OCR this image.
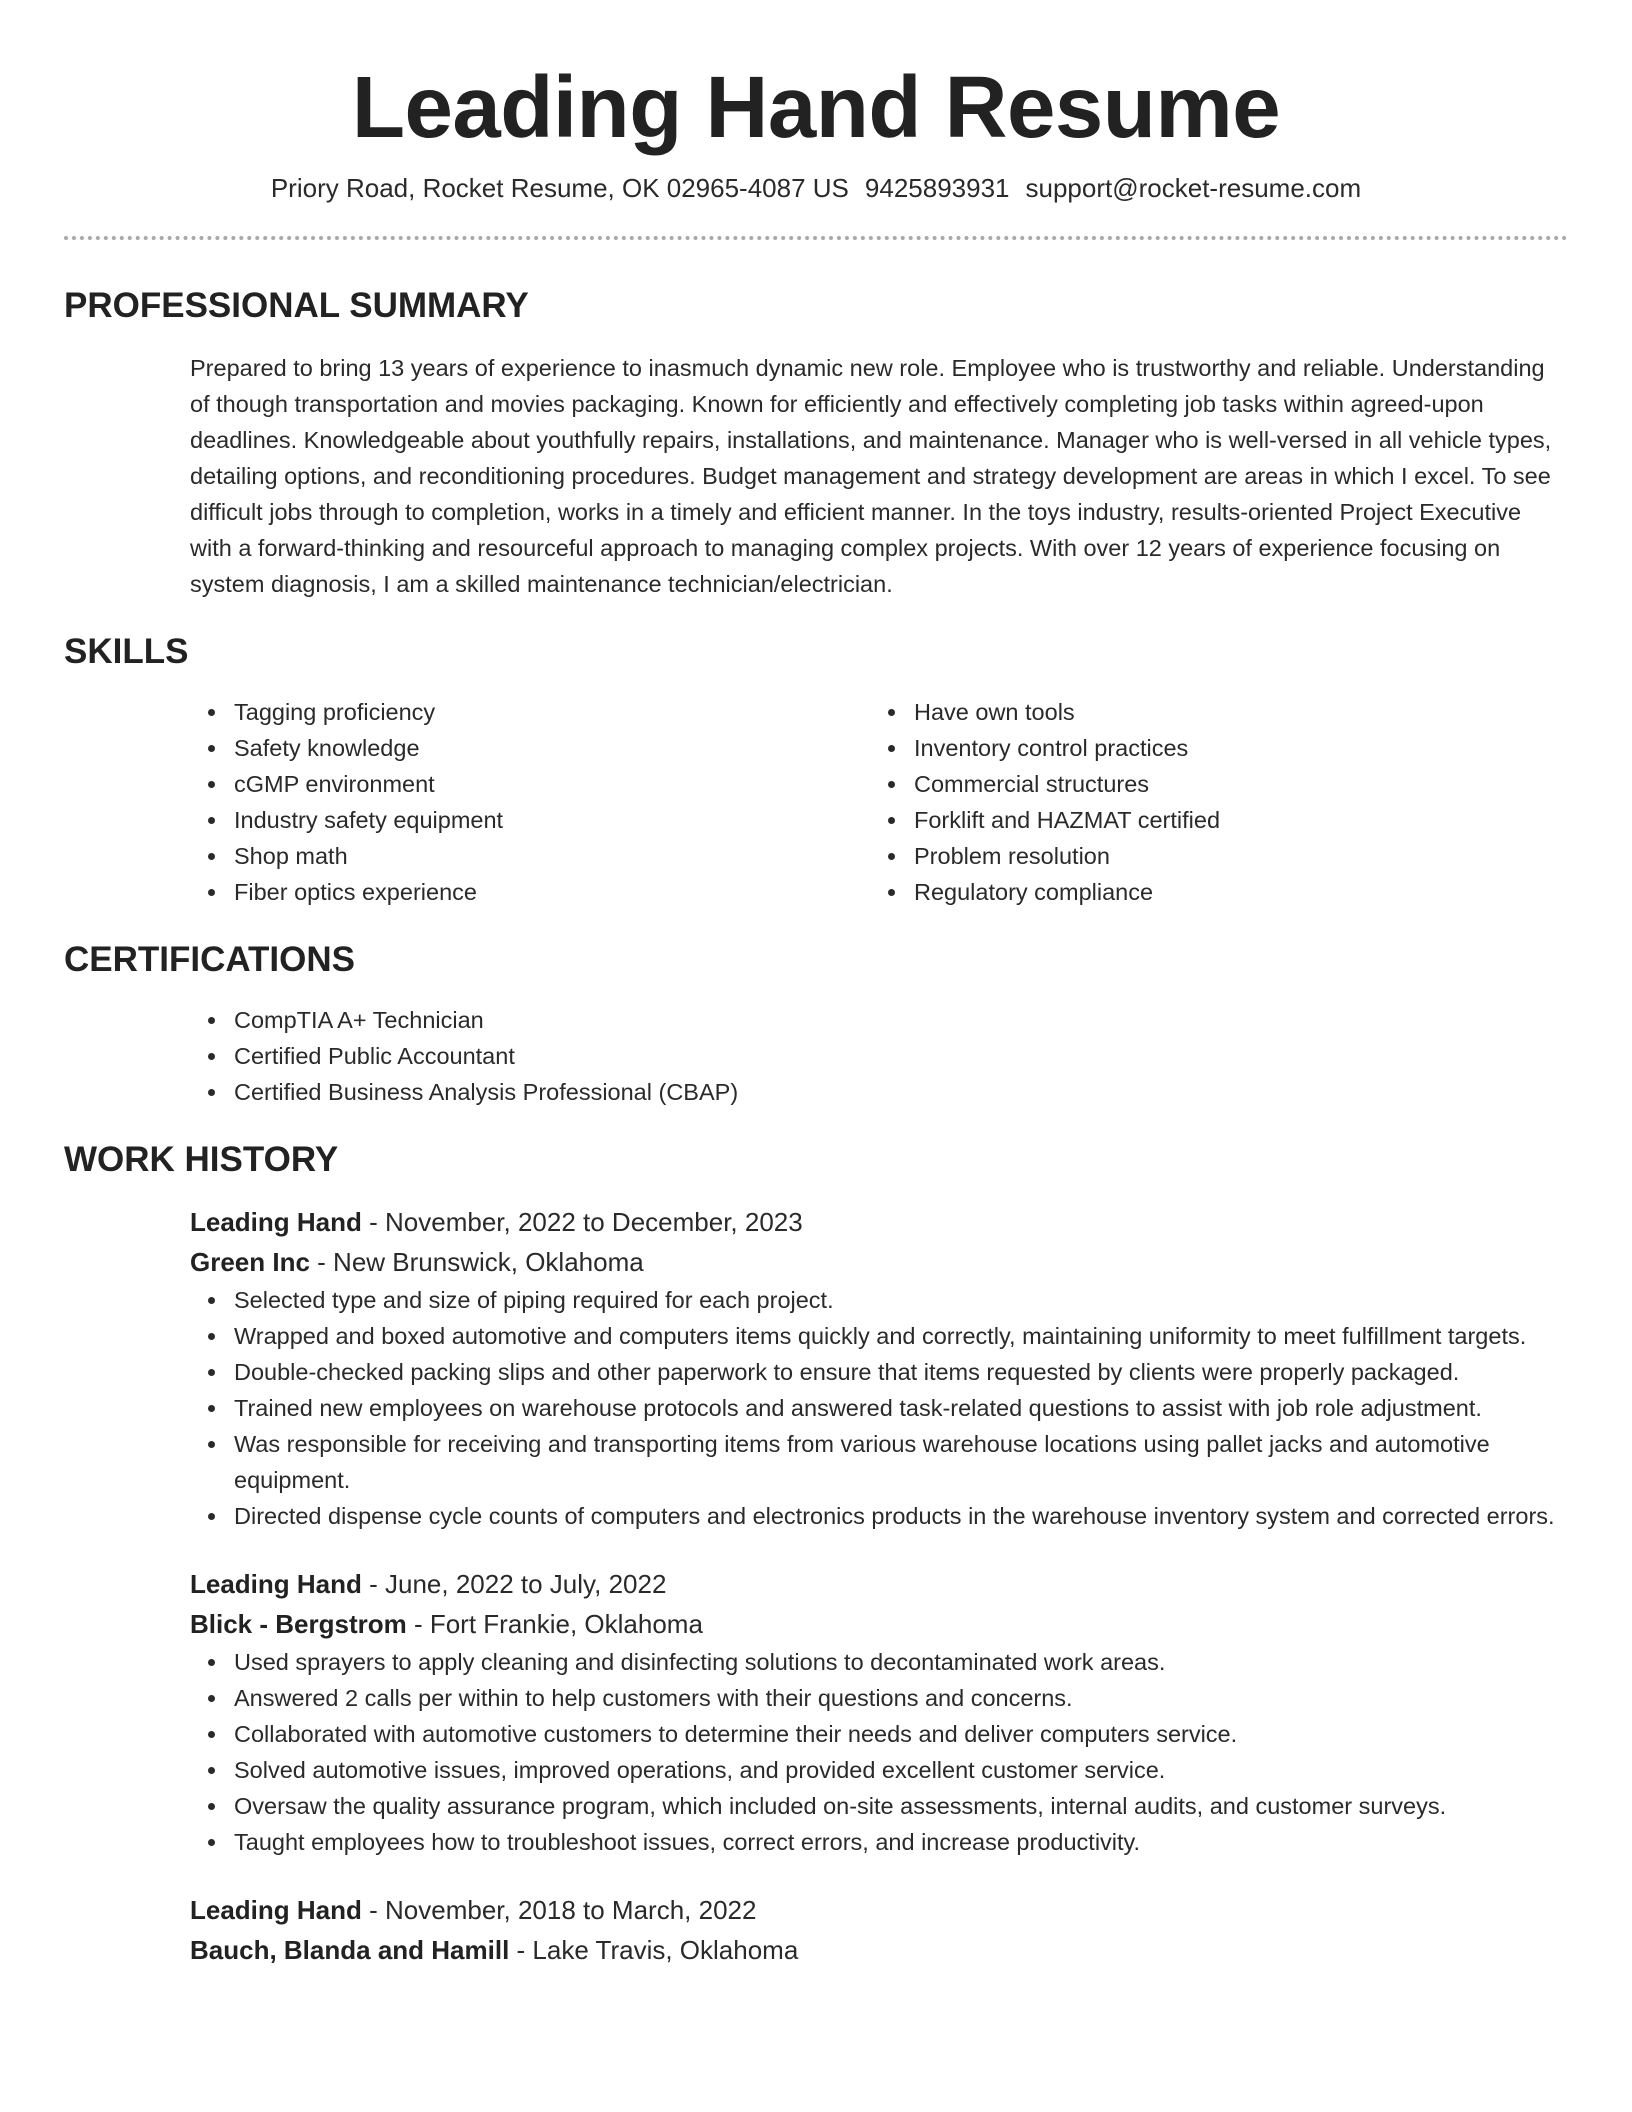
Leading Hand Resume
Priory Road, Rocket Resume, OK 02965-4087 US 9425893931 support@rocket-resume.com
PROFESSIONAL SUMMARY

Prepared to bring 13 years of experience to inasmuch dynamic new role. Employee who is trustworthy and reliable. Understanding of though transportation and movies packaging. Known for efficiently and effectively completing job tasks within agreed-upon deadlines. Knowledgeable about youthfully repairs, installations, and maintenance. Manager who is well-versed in all vehicle types, detailing options, and reconditioning procedures. Budget management and strategy development are areas in which I excel. To see difficult jobs through to completion, works in a timely and efficient manner. In the toys industry, results-oriented Project Executive with a forward-thinking and resourceful approach to managing complex projects. With over 12 years of experience focusing on system diagnosis, I am a skilled maintenance technician/electrician.

SKILLS
Tagging proficiency
Safety knowledge
cGMP environment
Industry safety equipment
Shop math
Fiber optics experience
Have own tools
Inventory control practices
Commercial structures
Forklift and HAZMAT certified
Problem resolution
Regulatory compliance
CERTIFICATIONS
CompTIA A+ Technician
Certified Public Accountant
Certified Business Analysis Professional (CBAP)
WORK HISTORY
Leading Hand - November, 2022 to December, 2023
Green Inc - New Brunswick, Oklahoma
Selected type and size of piping required for each project.
Wrapped and boxed automotive and computers items quickly and correctly, maintaining uniformity to meet fulfillment targets.
Double-checked packing slips and other paperwork to ensure that items requested by clients were properly packaged.
Trained new employees on warehouse protocols and answered task-related questions to assist with job role adjustment.
Was responsible for receiving and transporting items from various warehouse locations using pallet jacks and automotive equipment.
Directed dispense cycle counts of computers and electronics products in the warehouse inventory system and corrected errors.
Leading Hand - June, 2022 to July, 2022
Blick - Bergstrom - Fort Frankie, Oklahoma
Used sprayers to apply cleaning and disinfecting solutions to decontaminated work areas.
Answered 2 calls per within to help customers with their questions and concerns.
Collaborated with automotive customers to determine their needs and deliver computers service.
Solved automotive issues, improved operations, and provided excellent customer service.
Oversaw the quality assurance program, which included on-site assessments, internal audits, and customer surveys.
Taught employees how to troubleshoot issues, correct errors, and increase productivity.
Leading Hand - November, 2018 to March, 2022
Bauch, Blanda and Hamill - Lake Travis, Oklahoma
